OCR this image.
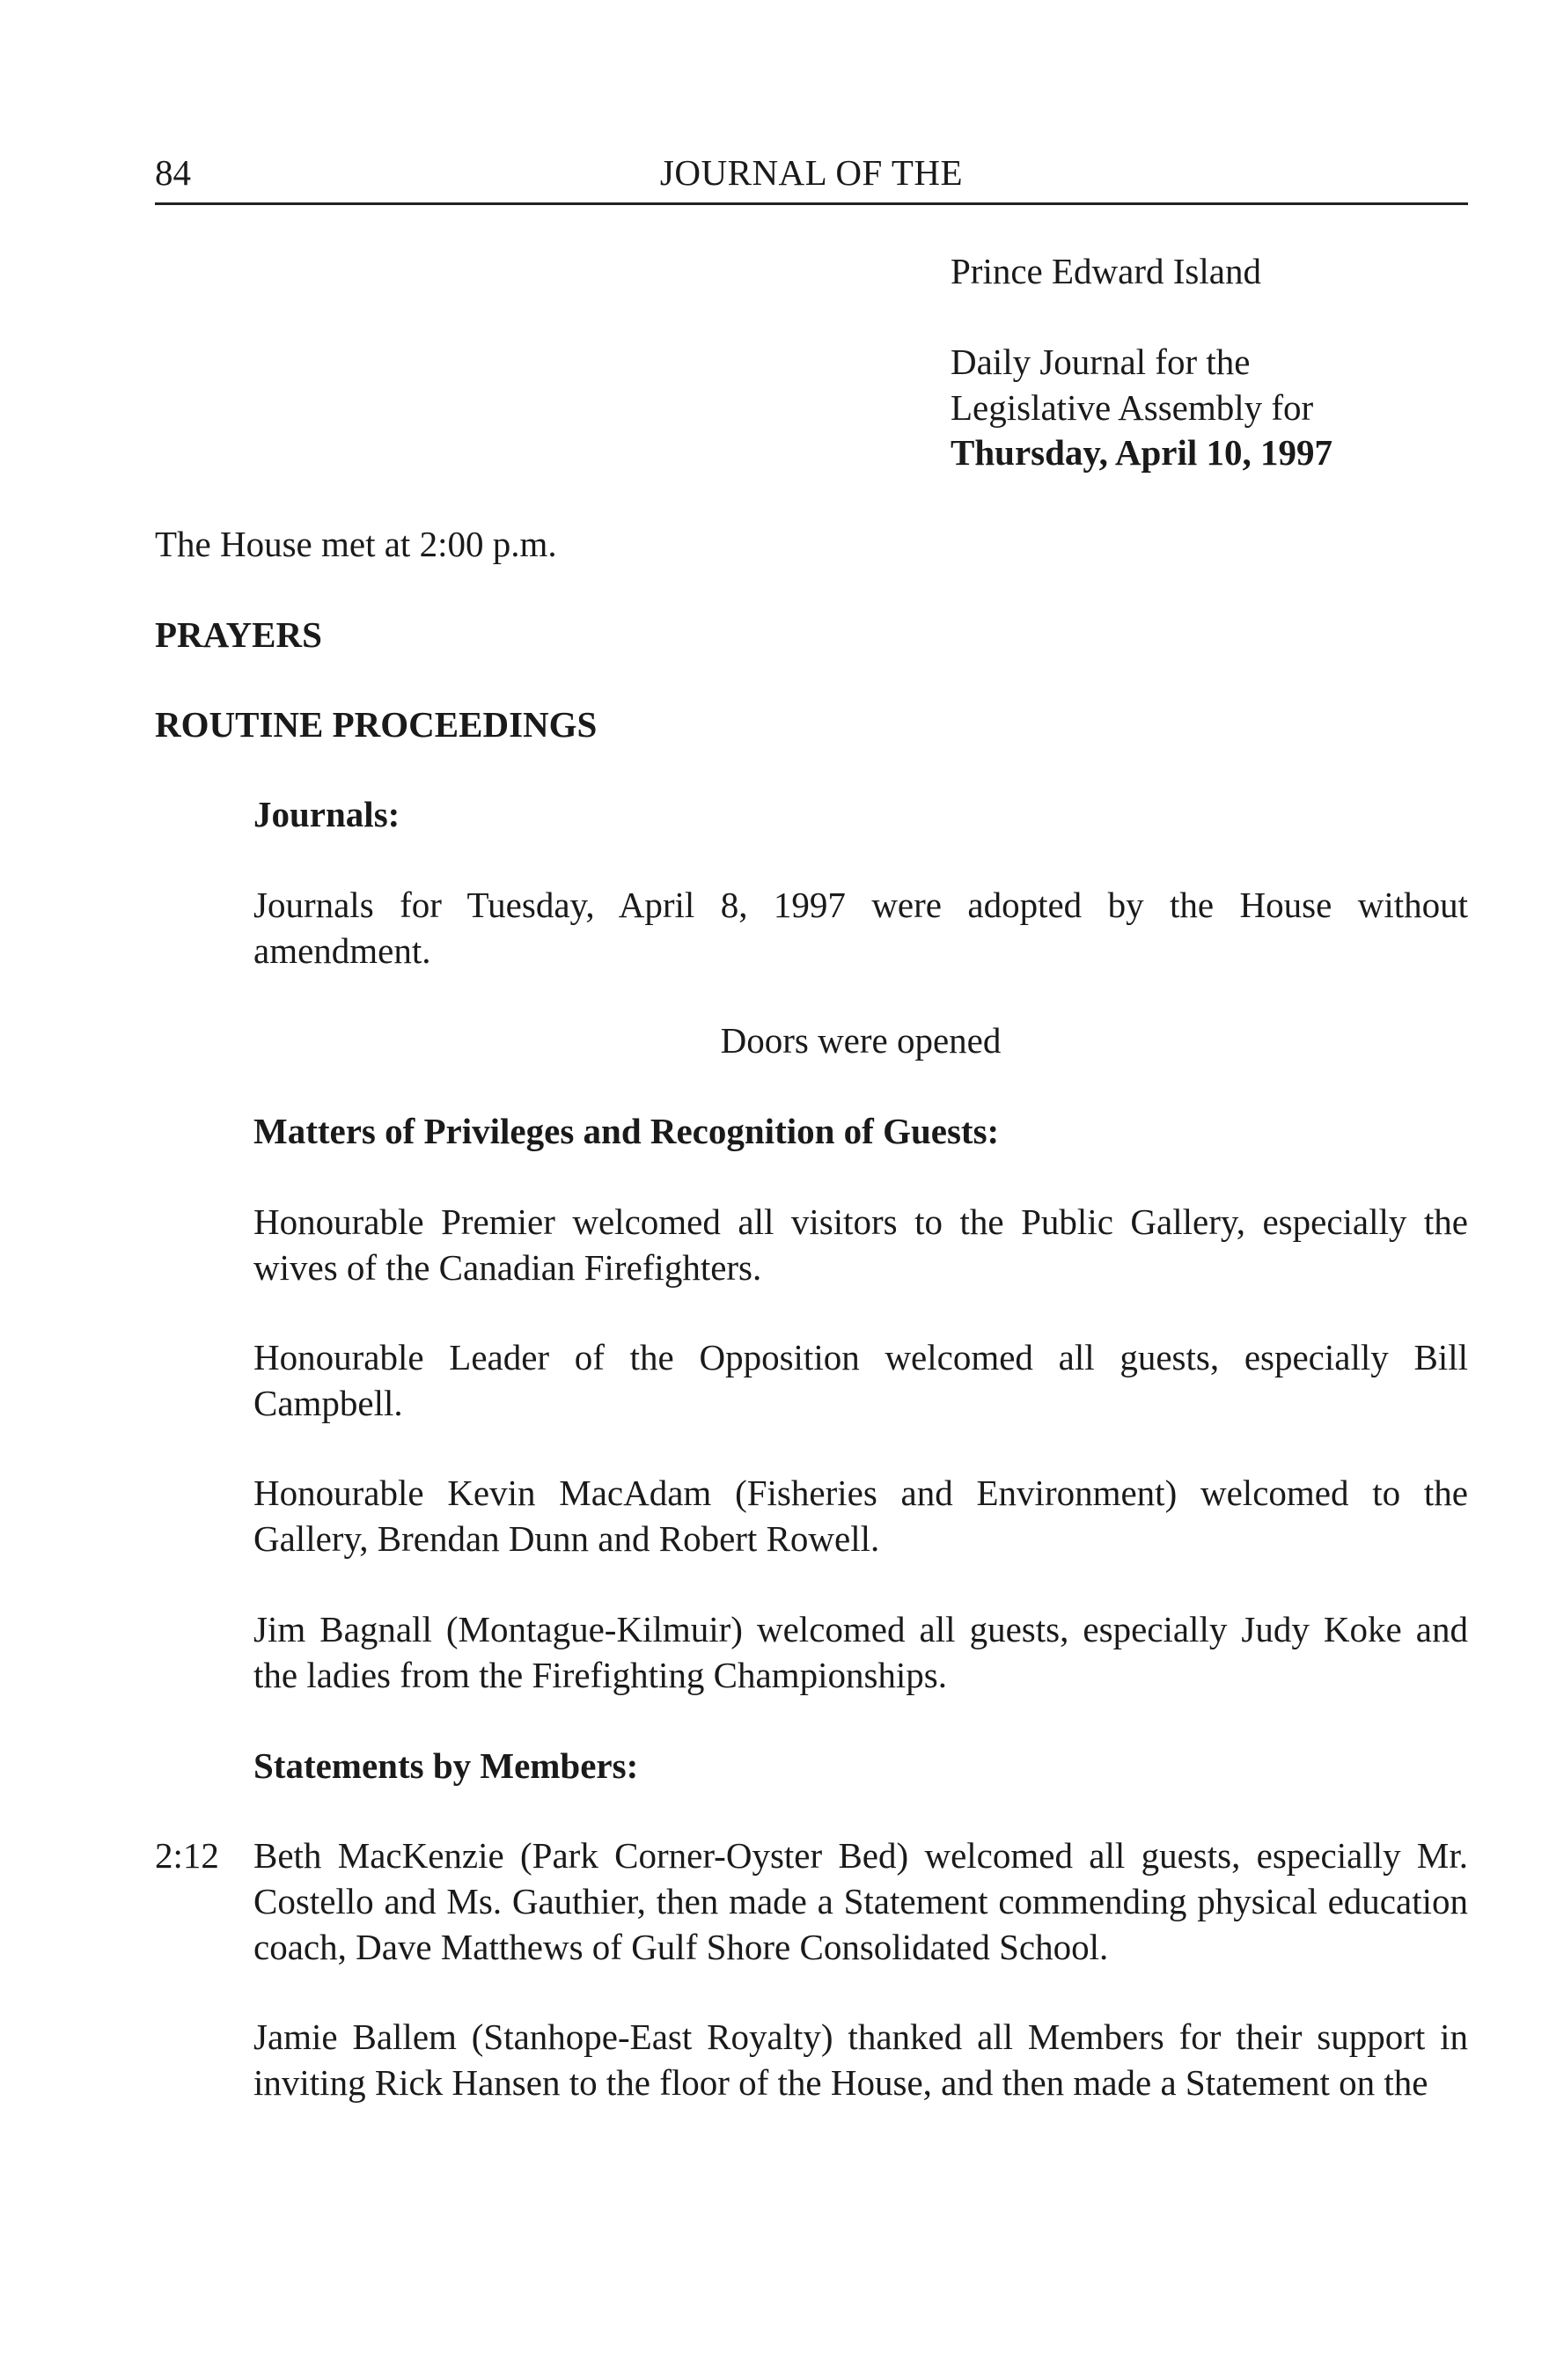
84	JOURNAL OF THE
Prince Edward Island
Daily Journal for the
Legislative Assembly for
Thursday, April 10, 1997
The House met at 2:00 p.m.
PRAYERS
ROUTINE PROCEEDINGS
Journals:

Journals for Tuesday, April 8, 1997 were adopted by the House without amendment.

Doors were opened
Matters of Privileges and Recognition of Guests:

Honourable Premier welcomed all visitors to the Public Gallery, especially the wives of the Canadian Firefighters.

Honourable Leader of the Opposition welcomed all guests, especially Bill Campbell.

Honourable Kevin MacAdam (Fisheries and Environment) welcomed to the Gallery, Brendan Dunn and Robert Rowell.

Jim Bagnall (Montague-Kilmuir) welcomed all guests, especially Judy Koke and the ladies from the Firefighting Championships.

Statements by Members:
2:12 Beth MacKenzie (Park Corner-Oyster Bed) welcomed all guests, especially Mr. Costello and Ms. Gauthier, then made a Statement commending physical education coach, Dave Matthews of Gulf Shore Consolidated School.

Jamie Ballem (Stanhope-East Royalty) thanked all Members for their support in inviting Rick Hansen to the floor of the House, and then made a Statement on the
